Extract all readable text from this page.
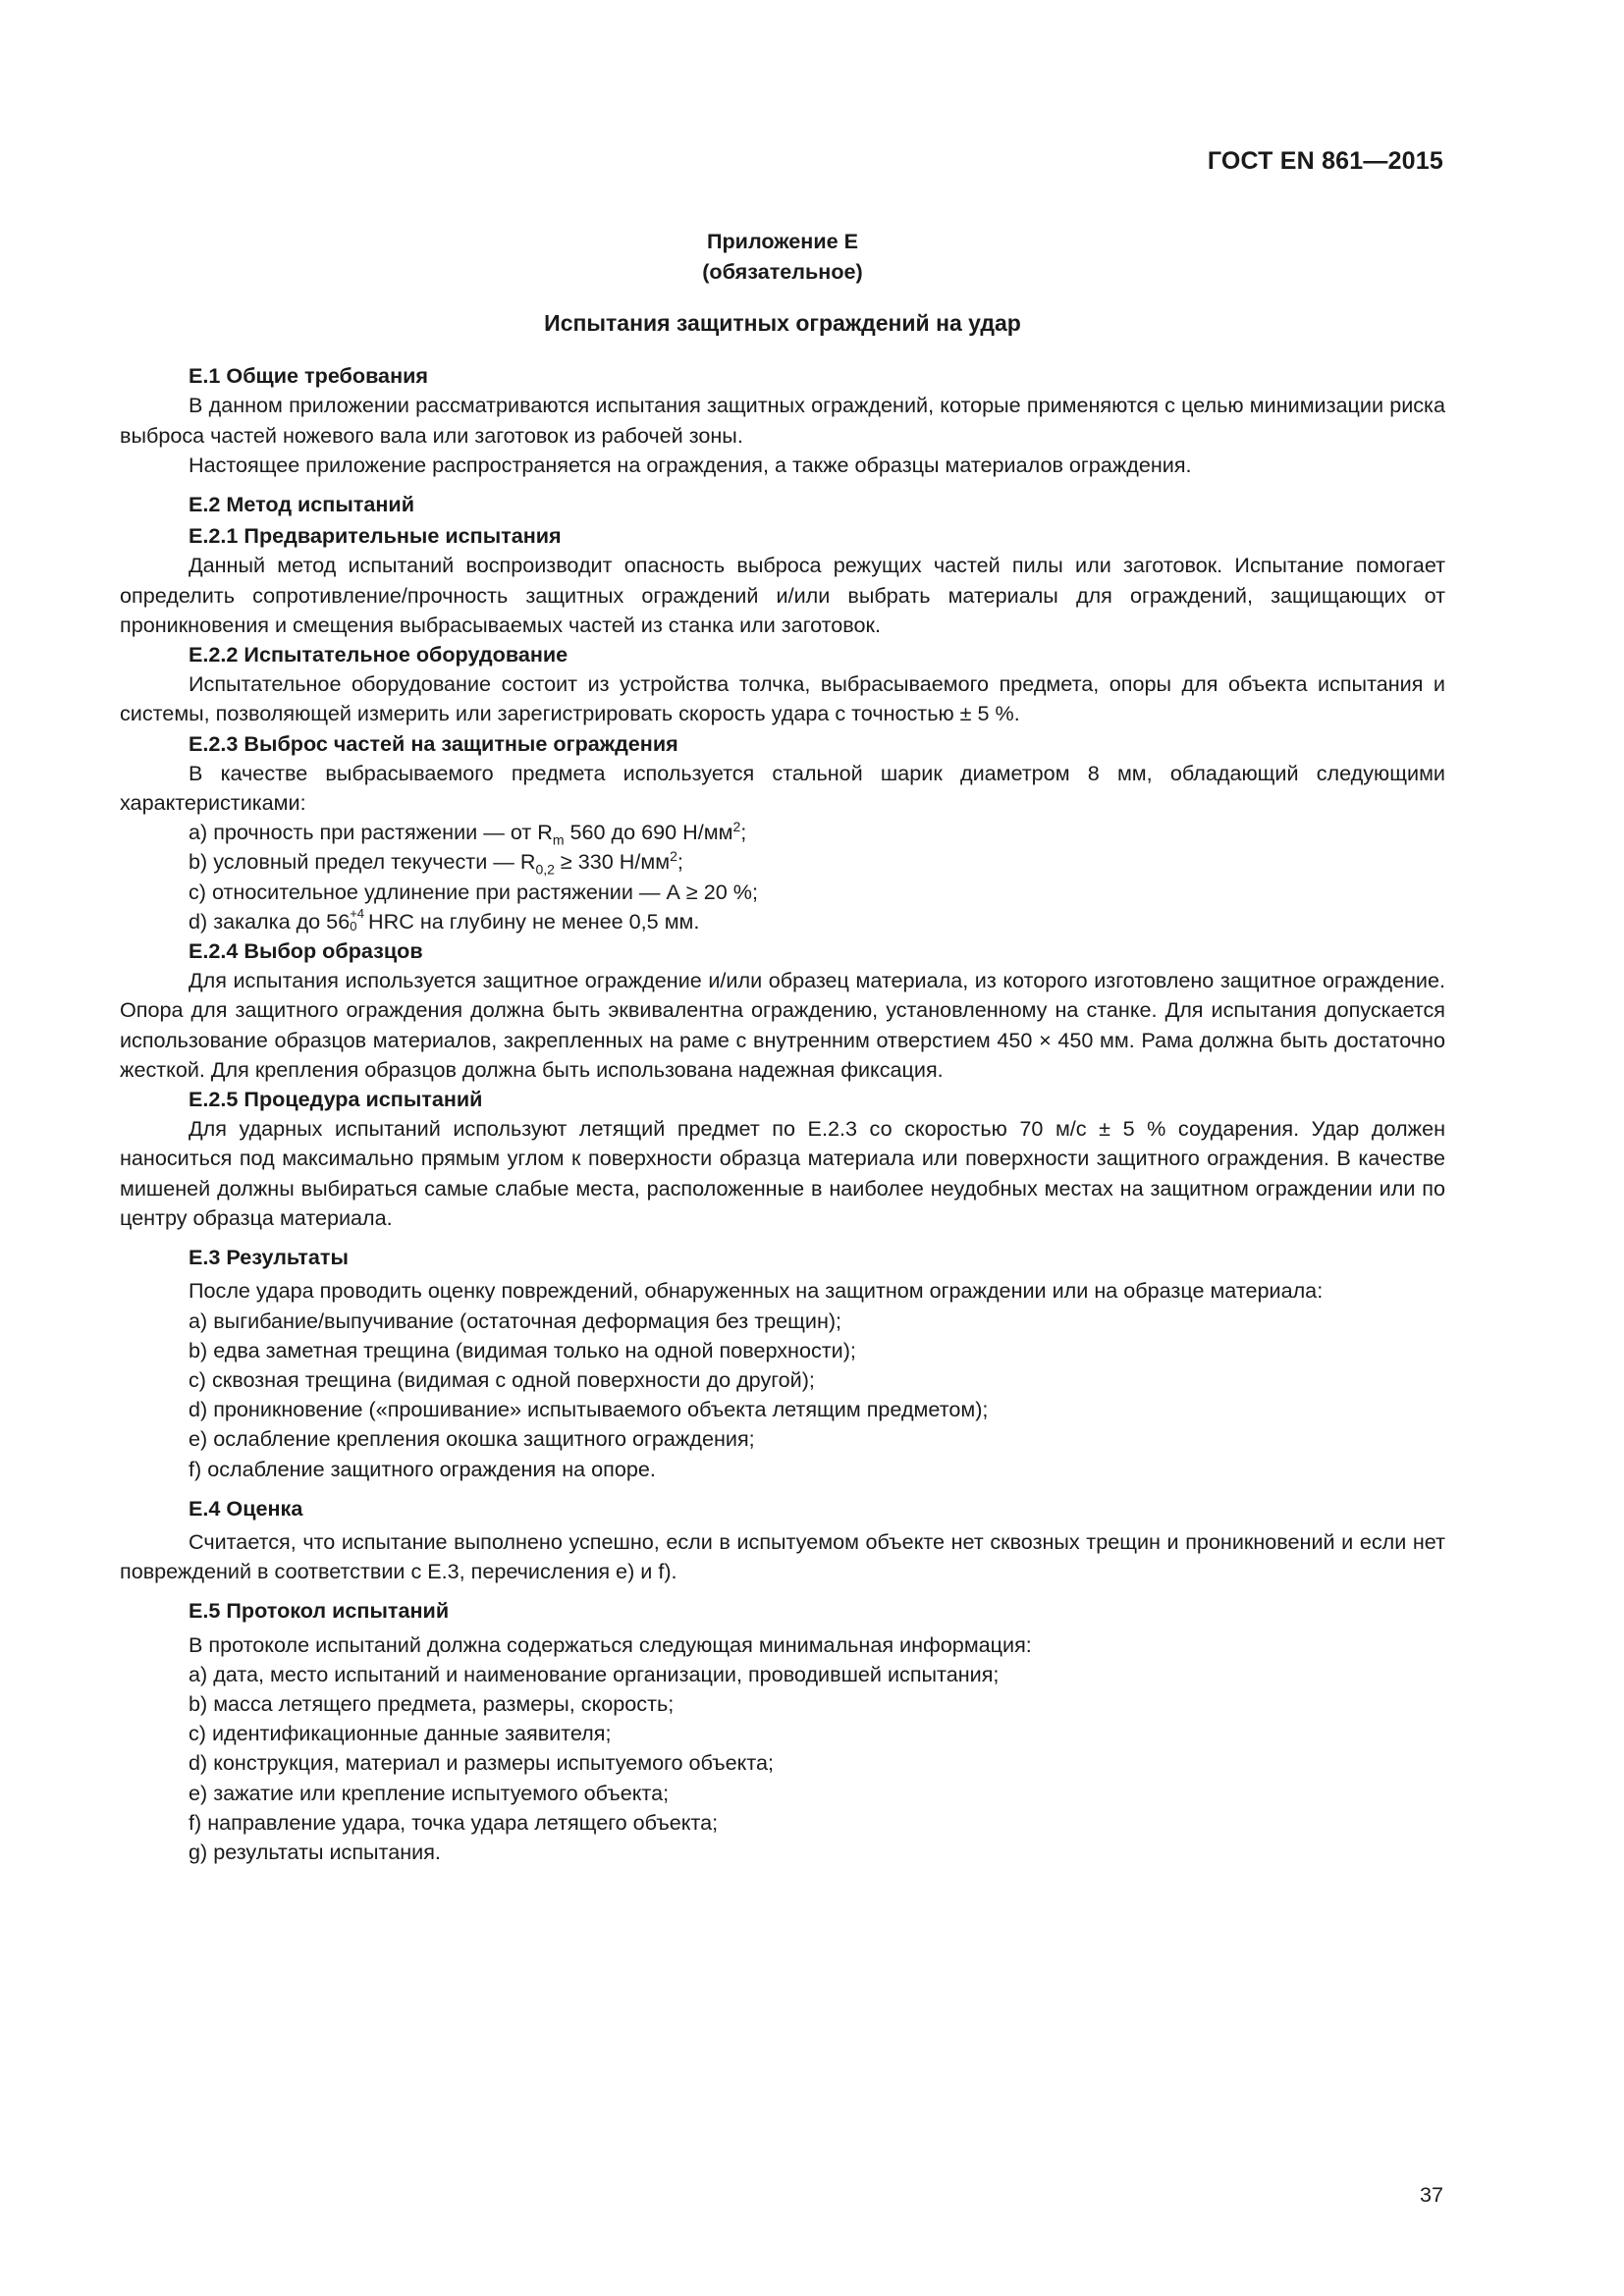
ГОСТ EN 861—2015
Приложение Е
(обязательное)
Испытания защитных ограждений на удар
Е.1 Общие требования

В данном приложении рассматриваются испытания защитных ограждений, которые применяются с целью минимизации риска выброса частей ножевого вала или заготовок из рабочей зоны.

Настоящее приложение распространяется на ограждения, а также образцы материалов ограждения.

Е.2 Метод испытаний
Е.2.1 Предварительные испытания

Данный метод испытаний воспроизводит опасность выброса режущих частей пилы или заготовок. Испытание помогает определить сопротивление/прочность защитных ограждений и/или выбрать материалы для ограждений, защищающих от проникновения и смещения выбрасываемых частей из станка или заготовок.

Е.2.2 Испытательное оборудование

Испытательное оборудование состоит из устройства толчка, выбрасываемого предмета, опоры для объекта испытания и системы, позволяющей измерить или зарегистрировать скорость удара с точностью ± 5 %.

Е.2.3 Выброс частей на защитные ограждения

В качестве выбрасываемого предмета используется стальной шарик диаметром 8 мм, обладающий следующими характеристиками:

а) прочность при растяжении — от $R_m$ 560 до 690 $Н/мм^2$;
b) условный предел текучести — $R_{0,2} \ge 330$ $Н/мм^2$;
с) относительное удлинение при растяжении — А ≥ 20 %;
d) закалка до 56 +4
0 HRC на глубину не менее 0,5 мм.
Е.2.4 Выбор образцов

Для испытания используется защитное ограждение и/или образец материала, из которого изготовлено защитное ограждение. Опора для защитного ограждения должна быть эквивалентна ограждению, установленному на станке. Для испытания допускается использование образцов материалов, закрепленных на раме с внутренним отверстием 450 × 450 мм. Рама должна быть достаточно жесткой. Для крепления образцов должна быть использована надежная фиксация.

Е.2.5 Процедура испытаний

Для ударных испытаний используют летящий предмет по Е.2.3 со скоростью 70 м/с ± 5 % соударения. Удар должен наноситься под максимально прямым углом к поверхности образца материала или поверхности защитного ограждения. В качестве мишеней должны выбираться самые слабые места, расположенные в наиболее неудобных местах на защитном ограждении или по центру образца материала.

Е.3 Результаты

После удара проводить оценку повреждений, обнаруженных на защитном ограждении или на образце материала:

а) выгибание/выпучивание (остаточная деформация без трещин);
b) едва заметная трещина (видимая только на одной поверхности);
с) сквозная трещина (видимая с одной поверхности до другой);
d) проникновение («прошивание» испытываемого объекта летящим предметом);
е) ослабление крепления окошка защитного ограждения;
f) ослабление защитного ограждения на опоре.
Е.4 Оценка

Считается, что испытание выполнено успешно, если в испытуемом объекте нет сквозных трещин и проникновений и если нет повреждений в соответствии с Е.3, перечисления е) и f).

Е.5 Протокол испытаний

В протоколе испытаний должна содержаться следующая минимальная информация:

а) дата, место испытаний и наименование организации, проводившей испытания;
b) масса летящего предмета, размеры, скорость;
с) идентификационные данные заявителя;
d) конструкция, материал и размеры испытуемого объекта;
е) зажатие или крепление испытуемого объекта;
f) направление удара, точка удара летящего объекта;
g) результаты испытания.
37
